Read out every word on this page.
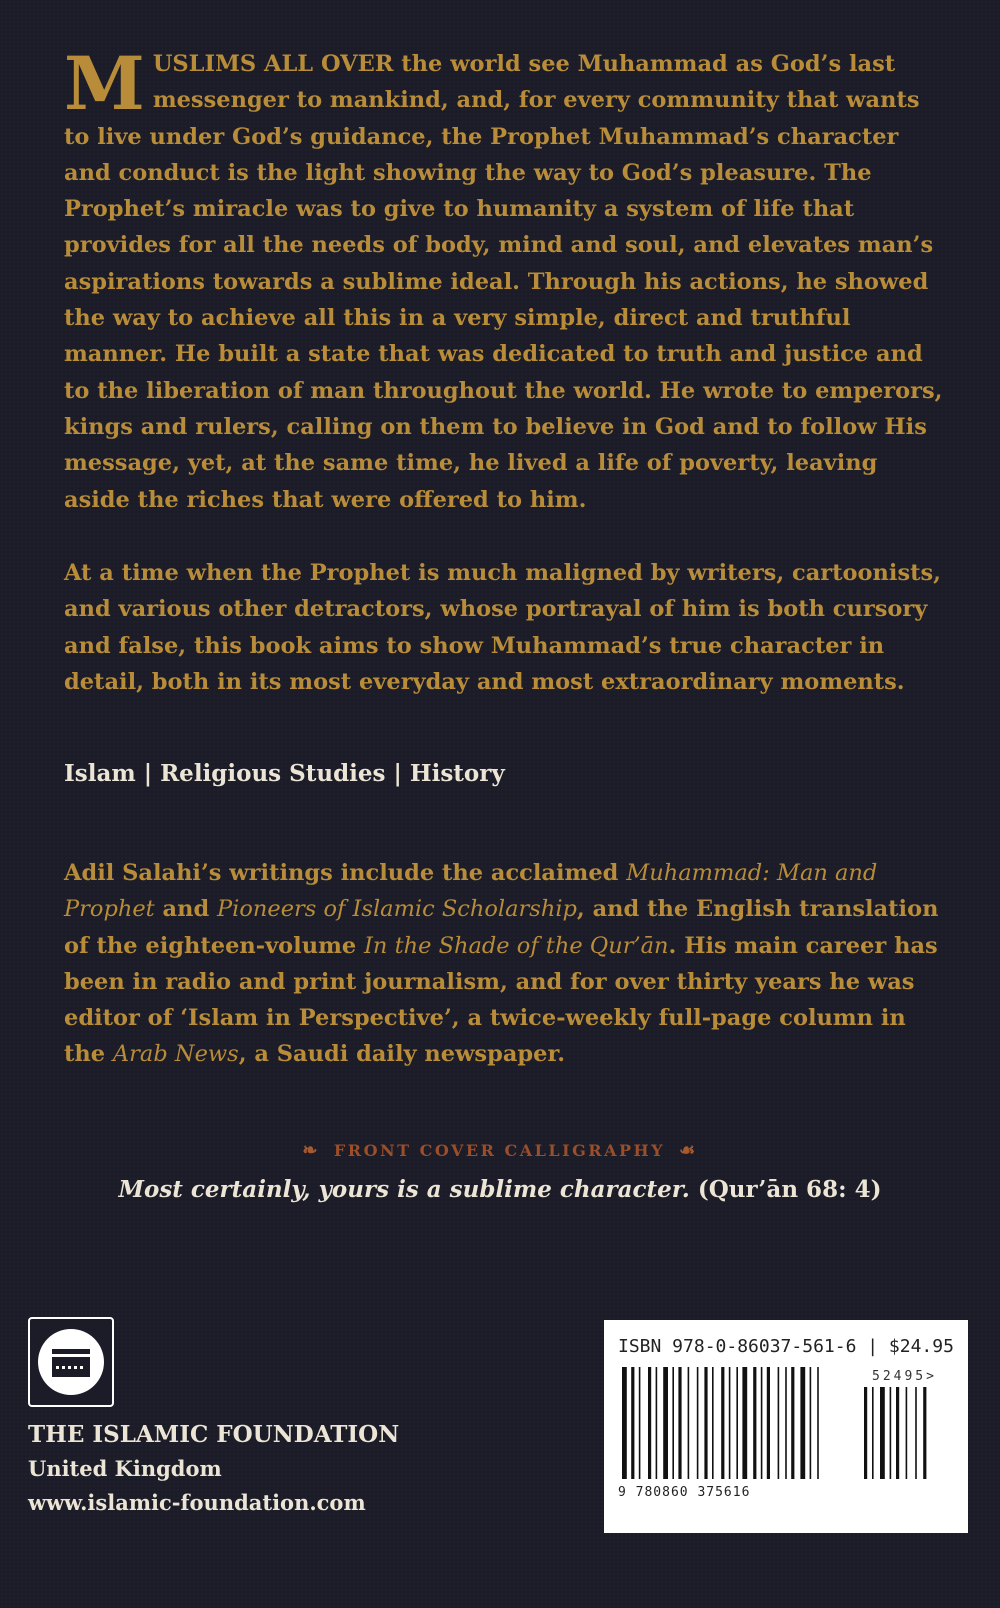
MUSLIMS ALL OVER the world see Muhammad as God’s last messenger to mankind, and, for every community that wants to live under God’s guidance, the Prophet Muhammad’s character and conduct is the light showing the way to God’s pleasure. The Prophet’s miracle was to give to humanity a system of life that provides for all the needs of body, mind and soul, and elevates man’s aspirations towards a sublime ideal. Through his actions, he showed the way to achieve all this in a very simple, direct and truthful manner. He built a state that was dedicated to truth and justice and to the liberation of man throughout the world. He wrote to emperors, kings and rulers, calling on them to believe in God and to follow His message, yet, at the same time, he lived a life of poverty, leaving aside the riches that were offered to him.

At a time when the Prophet is much maligned by writers, cartoonists, and various other detractors, whose portrayal of him is both cursory and false, this book aims to show Muhammad’s true character in detail, both in its most everyday and most extraordinary moments.

Islam | Religious Studies | History

Adil Salahi’s writings include the acclaimed Muhammad: Man and Prophet and Pioneers of Islamic Scholarship, and the English translation of the eighteen-volume In the Shade of the Qur’ān. His main career has been in radio and print journalism, and for over thirty years he was editor of ‘Islam in Perspective’, a twice-weekly full-page column in the Arab News, a Saudi daily newspaper.

❧ FRONT COVER CALLIGRAPHY ☙
Most certainly, yours is a sublime character. (Qur’ān 68: 4)
THE ISLAMIC FOUNDATION
United Kingdom
www.islamic-foundation.com
ISBN 978-0-86037-561-6 | $24.95
52495>
9 780860 375616
